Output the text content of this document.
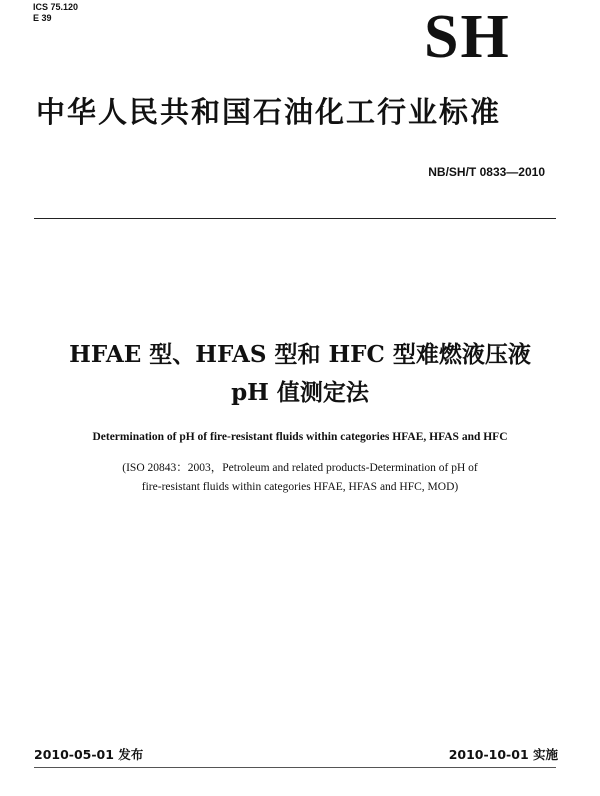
ICS 75.120
E 39	SH
中华人民共和国石油化工行业标准
NB/SH/T 0833—2010
HFAE 型、HFAS 型和 HFC 型难燃液压液
pH 值测定法
Determination of pH of fire-resistant fluids within categories HFAE, HFAS and HFC
(ISO 20843：2003，Petroleum and related products-Determination of pH of
fire-resistant fluids within categories HFAE, HFAS and HFC, MOD)
2010-05-01 发布	2010-10-01 实施
